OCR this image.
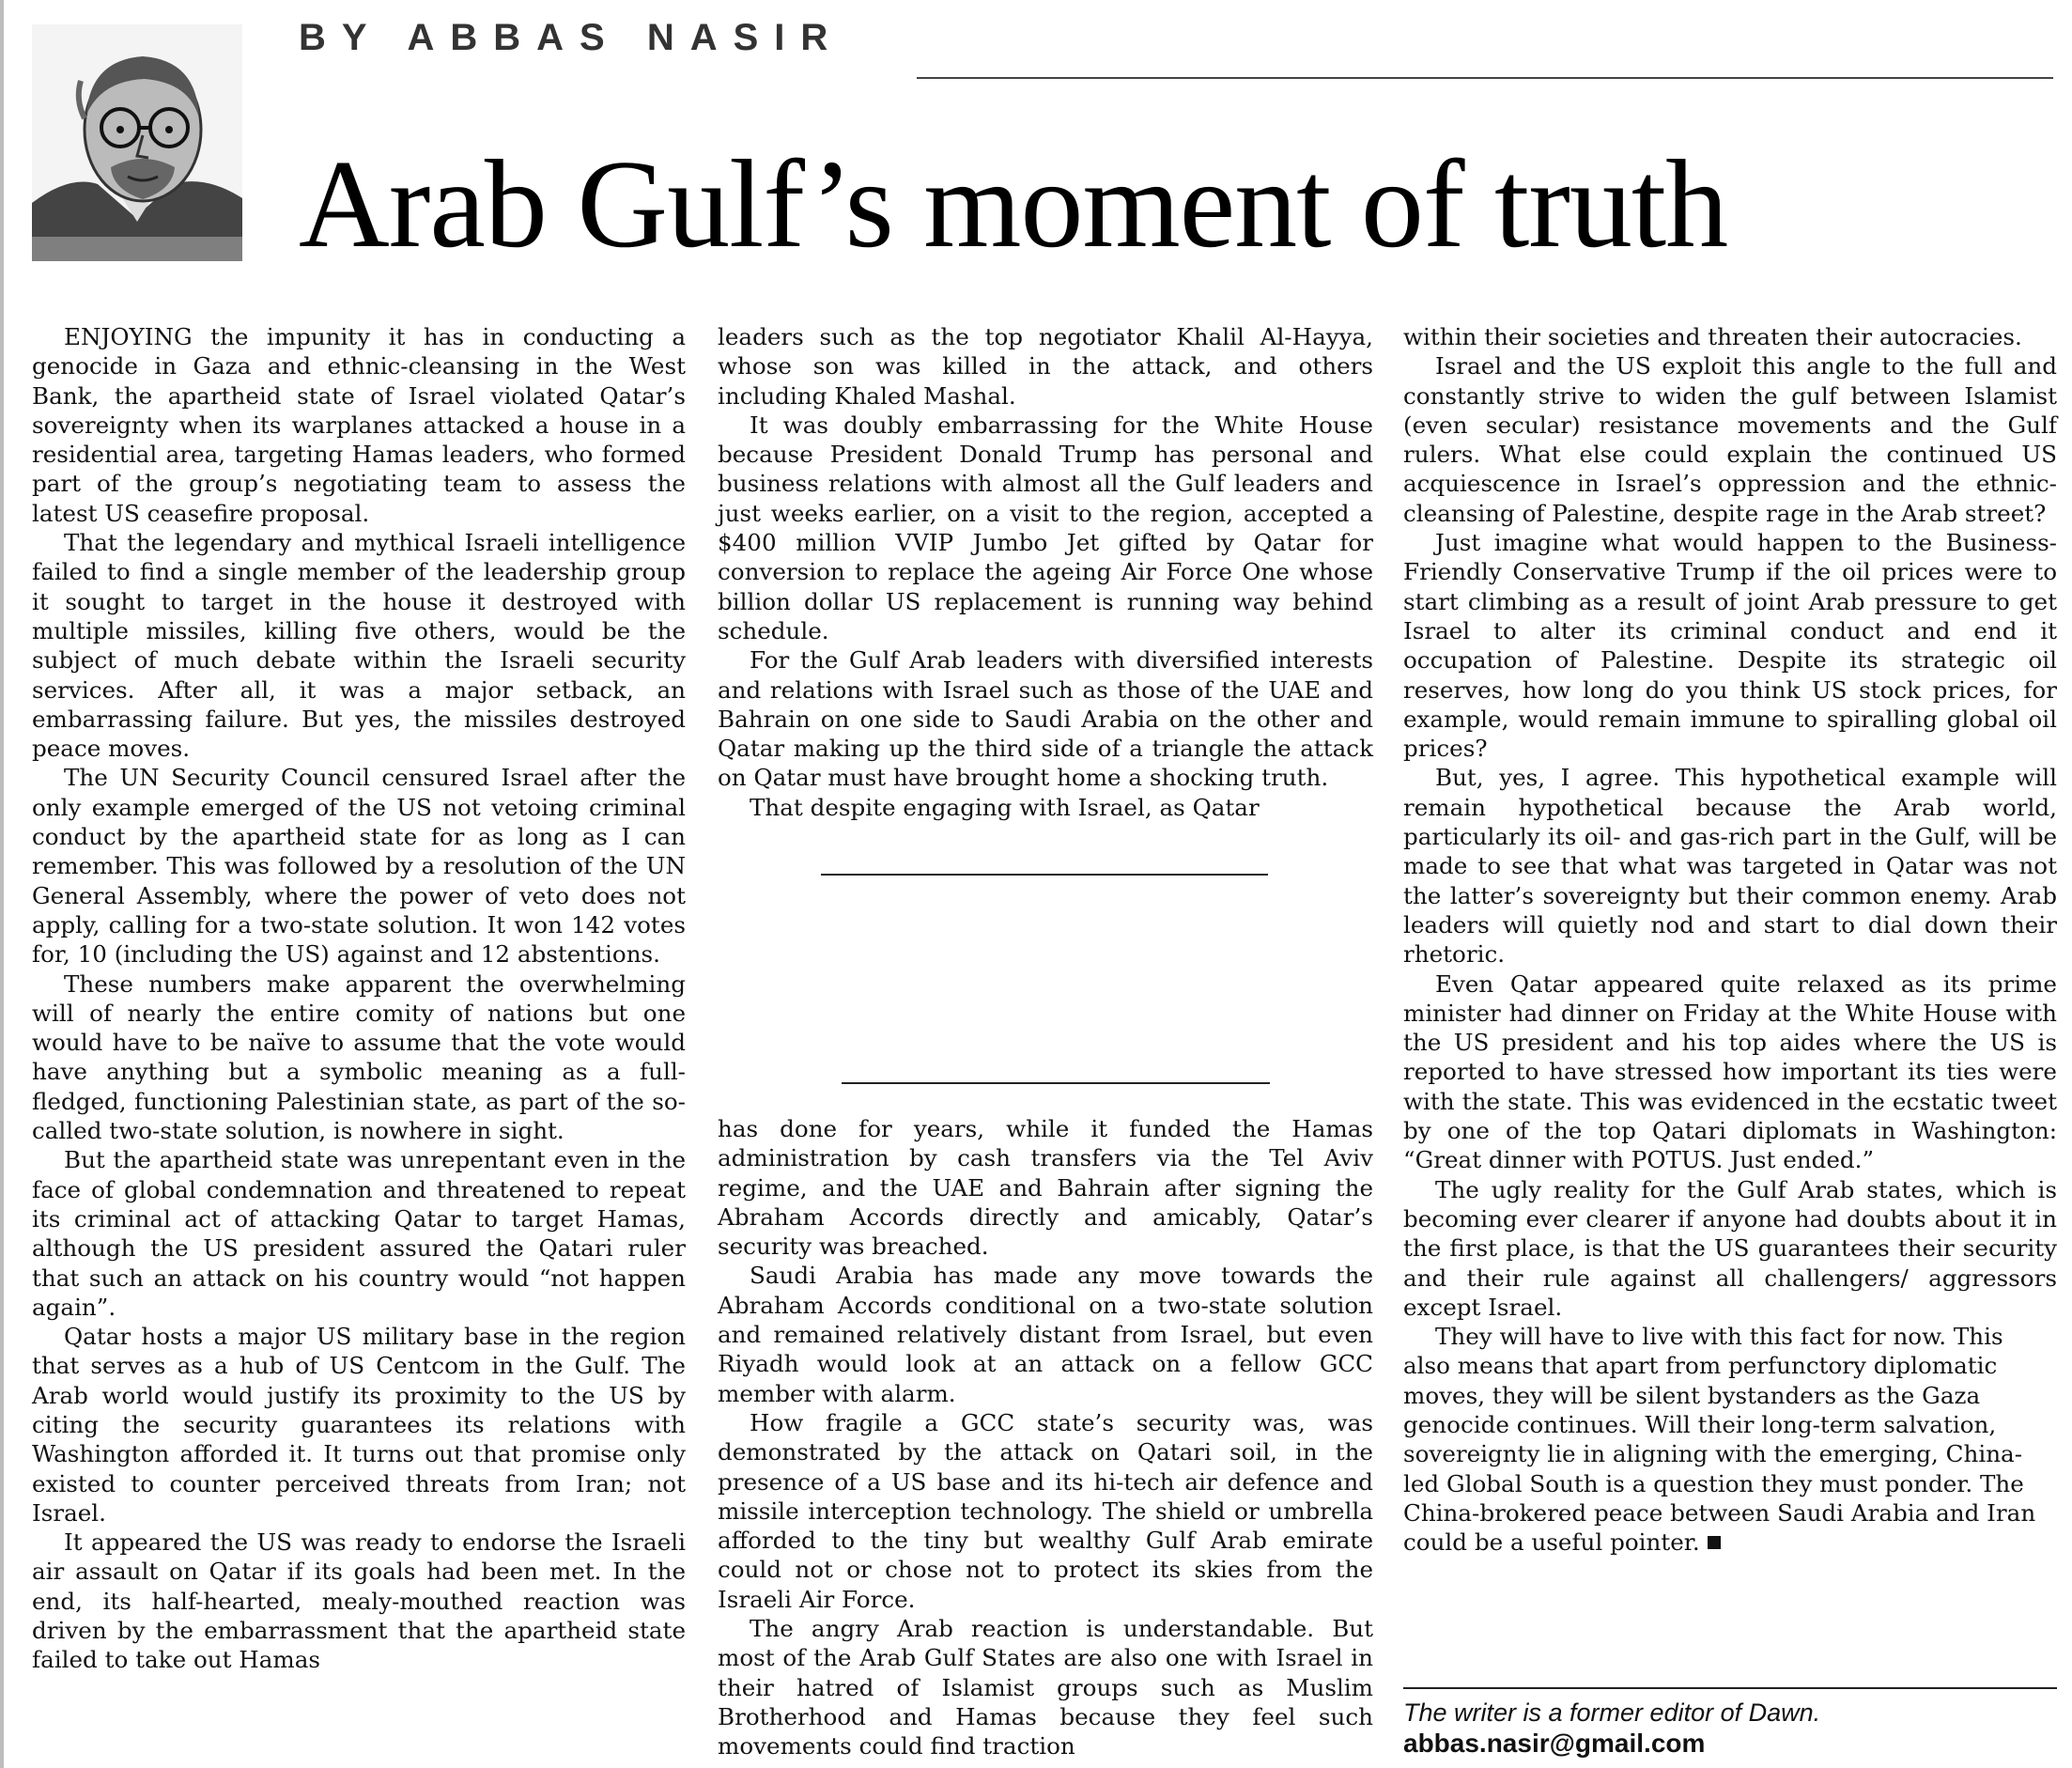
BY ABBAS NASIR
Arab Gulf’s moment of truth

ENJOYING the impunity it has in conducting a genocide in Gaza and ethnic-cleansing in the West Bank, the apartheid state of Israel violated Qatar’s sovereignty when its warplanes attacked a house in a residential area, targeting Hamas leaders, who formed part of the group’s negotiating team to assess the latest US ceasefire proposal.

That the legendary and mythical Israeli intelligence failed to find a single member of the leadership group it sought to target in the house it destroyed with multiple missiles, killing five others, would be the subject of much debate within the Israeli security services. After all, it was a major setback, an embarrassing failure. But yes, the missiles destroyed peace moves.

The UN Security Council censured Israel after the only example emerged of the US not vetoing criminal conduct by the apartheid state for as long as I can remember. This was followed by a resolution of the UN General Assembly, where the power of veto does not apply, calling for a two-state solution. It won 142 votes for, 10 (including the US) against and 12 abstentions.

These numbers make apparent the overwhelming will of nearly the entire comity of nations but one would have to be naïve to assume that the vote would have anything but a symbolic meaning as a full-fledged, functioning Palestinian state, as part of the so-called two-state solution, is nowhere in sight.

But the apartheid state was unrepentant even in the face of global condemnation and threatened to repeat its criminal act of attacking Qatar to target Hamas, although the US president assured the Qatari ruler that such an attack on his country would “not happen again”.

Qatar hosts a major US military base in the region that serves as a hub of US Centcom in the Gulf. The Arab world would justify its proximity to the US by citing the security guarantees its relations with Washington afforded it. It turns out that promise only existed to counter perceived threats from Iran; not Israel.

It appeared the US was ready to endorse the Israeli air assault on Qatar if its goals had been met. In the end, its half-hearted, mealy-mouthed reaction was driven by the embarrassment that the apartheid state failed to take out Hamas

leaders such as the top negotiator Khalil Al-Hayya, whose son was killed in the attack, and others including Khaled Mashal.

It was doubly embarrassing for the White House because President Donald Trump has personal and business relations with almost all the Gulf leaders and just weeks earlier, on a visit to the region, accepted a $400 million VVIP Jumbo Jet gifted by Qatar for conversion to replace the ageing Air Force One whose billion dollar US replacement is running way behind schedule.

For the Gulf Arab leaders with diversified interests and relations with Israel such as those of the UAE and Bahrain on one side to Saudi Arabia on the other and Qatar making up the third side of a triangle the attack on Qatar must have brought home a shocking truth.

That despite engaging with Israel, as Qatar

has done for years, while it funded the Hamas administration by cash transfers via the Tel Aviv regime, and the UAE and Bahrain after signing the Abraham Accords directly and amicably, Qatar’s security was breached.

Saudi Arabia has made any move towards the Abraham Accords conditional on a two-state solution and remained relatively distant from Israel, but even Riyadh would look at an attack on a fellow GCC member with alarm.

How fragile a GCC state’s security was, was demonstrated by the attack on Qatari soil, in the presence of a US base and its hi-tech air defence and missile interception technology. The shield or umbrella afforded to the tiny but wealthy Gulf Arab emirate could not or chose not to protect its skies from the Israeli Air Force.

The angry Arab reaction is understandable. But most of the Arab Gulf States are also one with Israel in their hatred of Islamist groups such as Muslim Brotherhood and Hamas because they feel such movements could find traction

within their societies and threaten their autocracies.

Israel and the US exploit this angle to the full and constantly strive to widen the gulf between Islamist (even secular) resistance movements and the Gulf rulers. What else could explain the continued US acquiescence in Israel’s oppression and the ethnic-cleansing of Palestine, despite rage in the Arab street?

Just imagine what would happen to the Business-Friendly Conservative Trump if the oil prices were to start climbing as a result of joint Arab pressure to get Israel to alter its criminal conduct and end it occupation of Palestine. Despite its strategic oil reserves, how long do you think US stock prices, for example, would remain immune to spiralling global oil prices?

But, yes, I agree. This hypothetical example will remain hypothetical because the Arab world, particularly its oil- and gas-rich part in the Gulf, will be made to see that what was targeted in Qatar was not the latter’s sovereignty but their common enemy. Arab leaders will quietly nod and start to dial down their rhetoric.

Even Qatar appeared quite relaxed as its prime minister had dinner on Friday at the White House with the US president and his top aides where the US is reported to have stressed how important its ties were with the state. This was evidenced in the ecstatic tweet by one of the top Qatari diplomats in Washington: “Great dinner with POTUS. Just ended.”

The ugly reality for the Gulf Arab states, which is becoming ever clearer if anyone had doubts about it in the first place, is that the US guarantees their security and their rule against all challengers/ aggressors except Israel.

They will have to live with this fact for now. This also means that apart from perfunctory diplomatic moves, they will be silent bystanders as the Gaza genocide continues. Will their long-term salvation, sovereignty lie in aligning with the emerging, China-led Global South is a question they must ponder. The China-brokered peace between Saudi Arabia and Iran could be a useful pointer.

The writer is a former editor of Dawn.
abbas.nasir@gmail.com
